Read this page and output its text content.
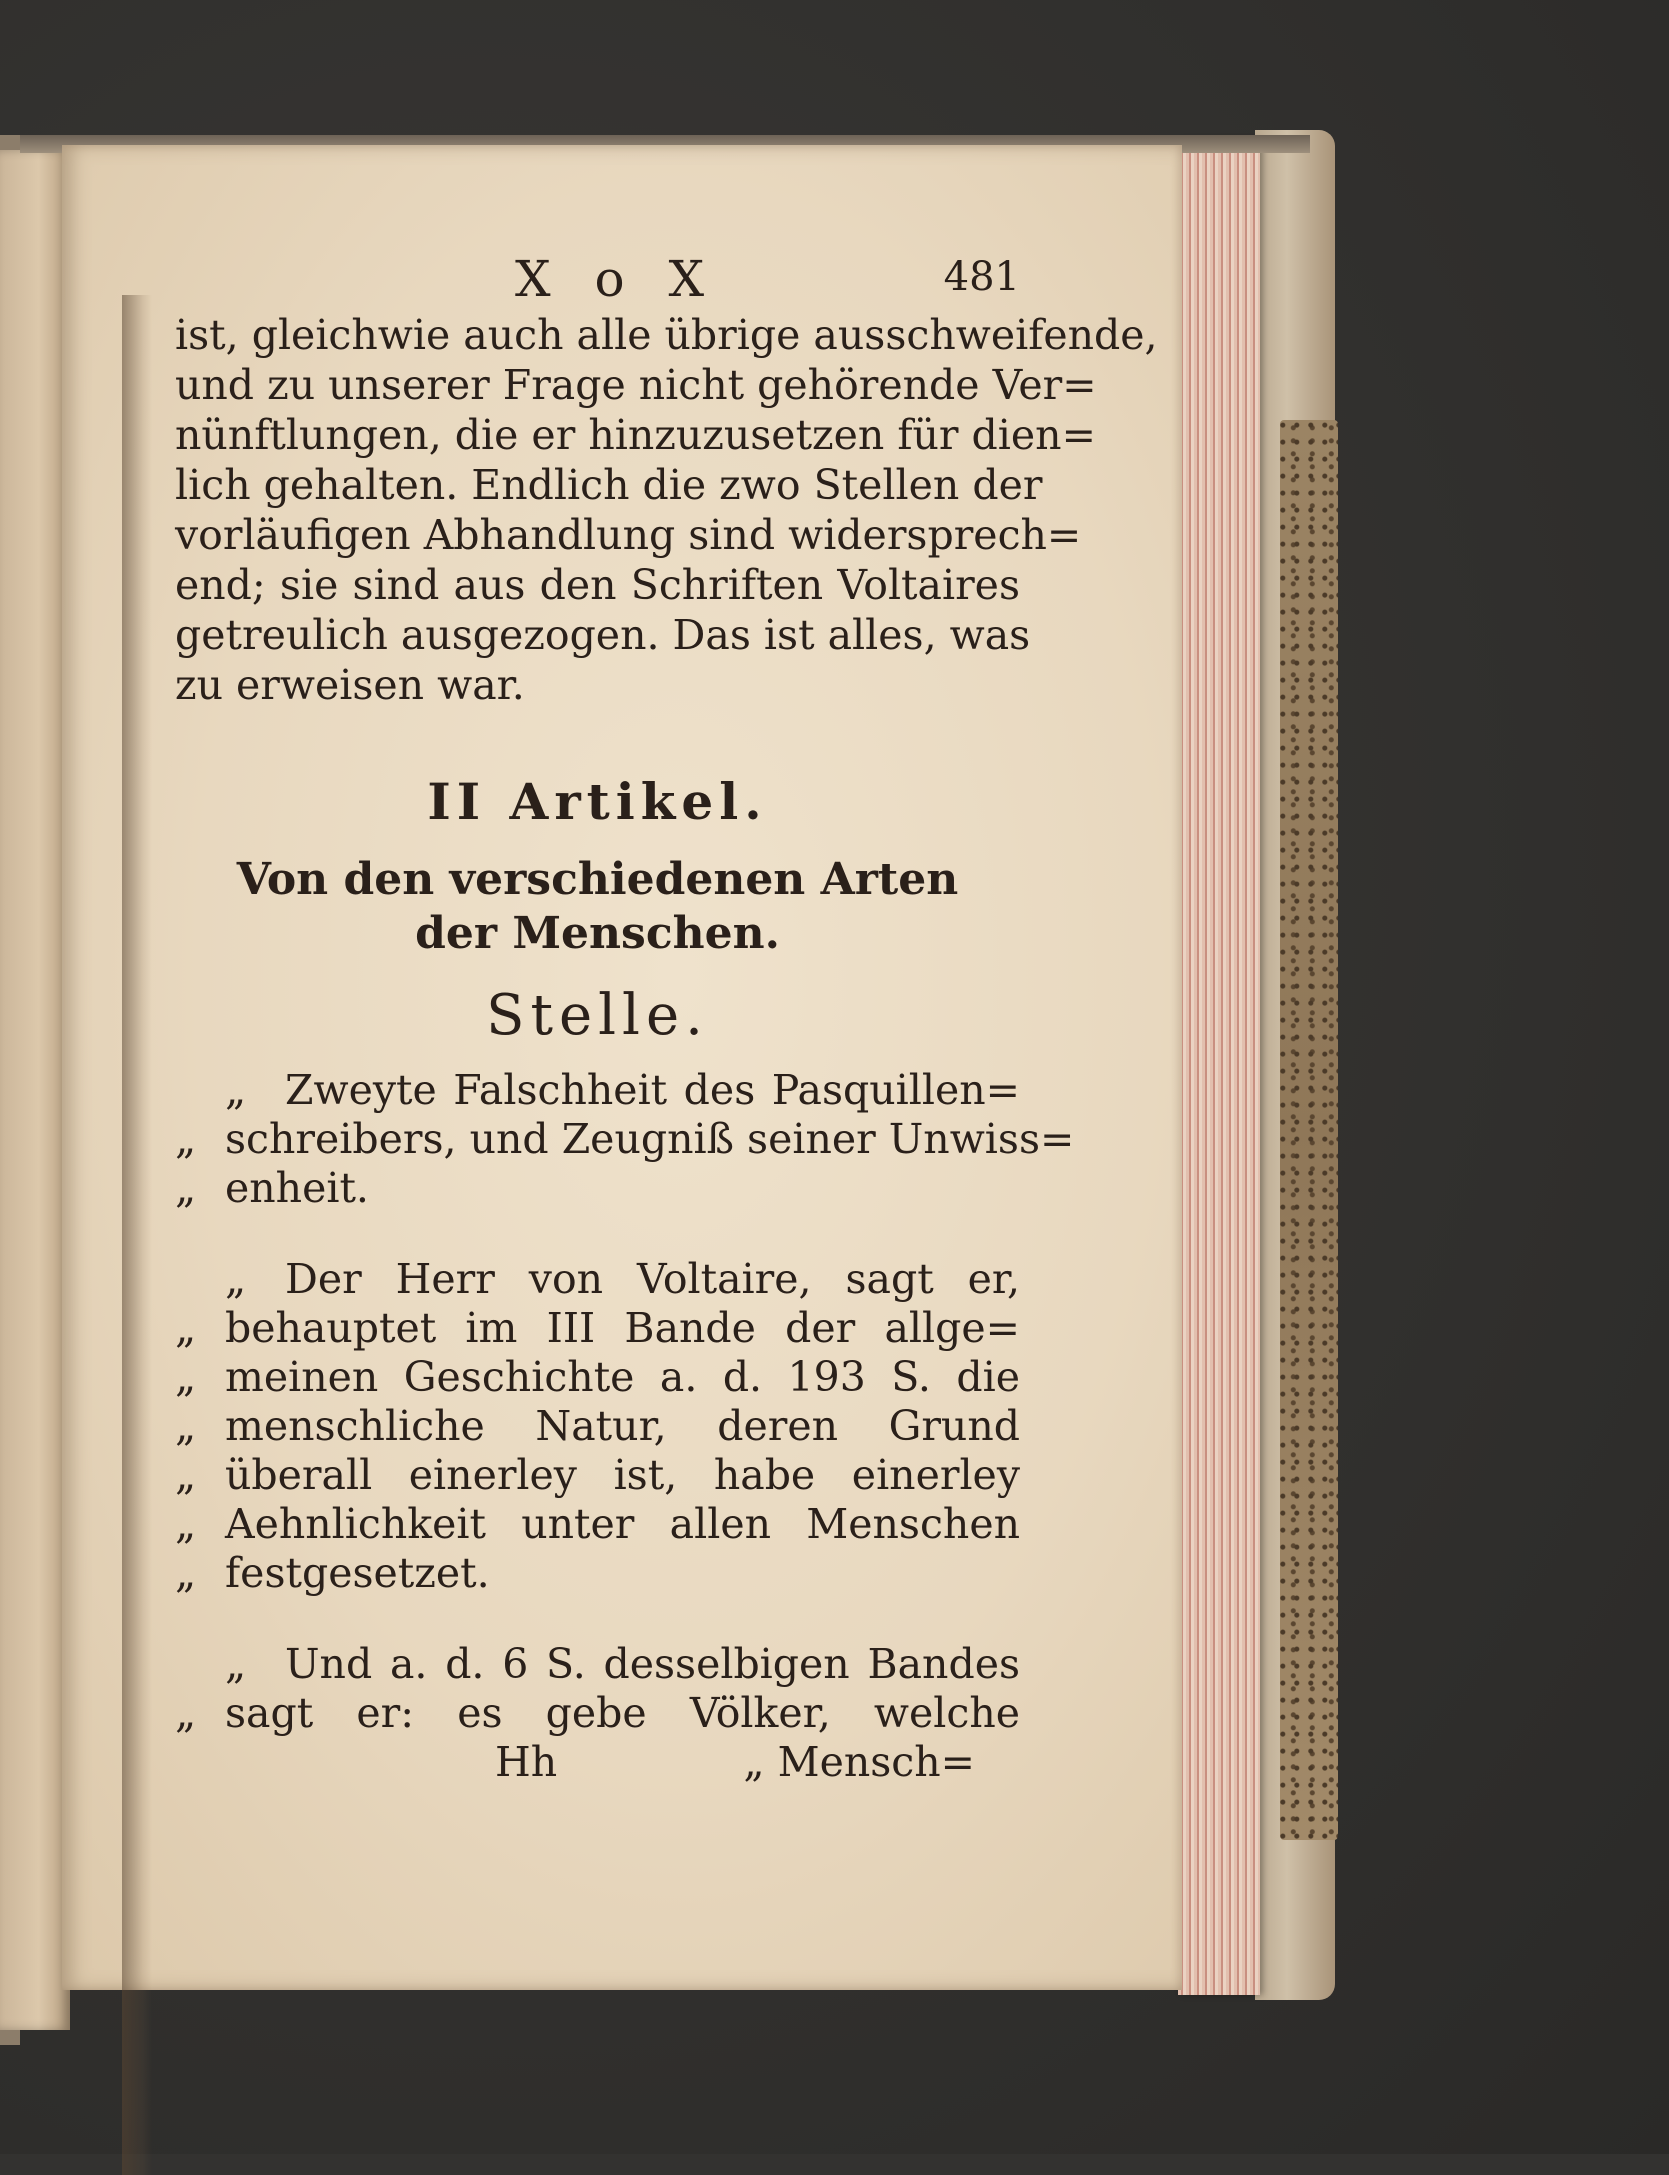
X o X	481

ist, gleichwie auch alle übrige ausschweifende,
und zu unserer Frage nicht gehörende Ver=
nünftlungen, die er hinzuzusetzen für dien=
lich gehalten. Endlich die zwo Stellen der
vorläufigen Abhandlung sind widersprech=
end; sie sind aus den Schriften Voltaires
getreulich ausgezogen. Das ist alles, was
zu erweisen war.

II Artikel.
Von den verschiedenen Arten
der Menschen.
Stelle.
„ Zweyte Falschheit des Pasquillen=
„ schreibers, und Zeugniß seiner Unwiss=
„ enheit.
„ Der Herr von Voltaire, sagt er,
„ behauptet im III Bande der allge=
„ meinen Geschichte a. d. 193 S. die
„ menschliche Natur, deren Grund
„ überall einerley ist, habe einerley
„ Aehnlichkeit unter allen Menschen
„ festgesetzet.
„ Und a. d. 6 S. desselbigen Bandes
„ sagt er: es gebe Völker, welche
Hh	„ Mensch=
